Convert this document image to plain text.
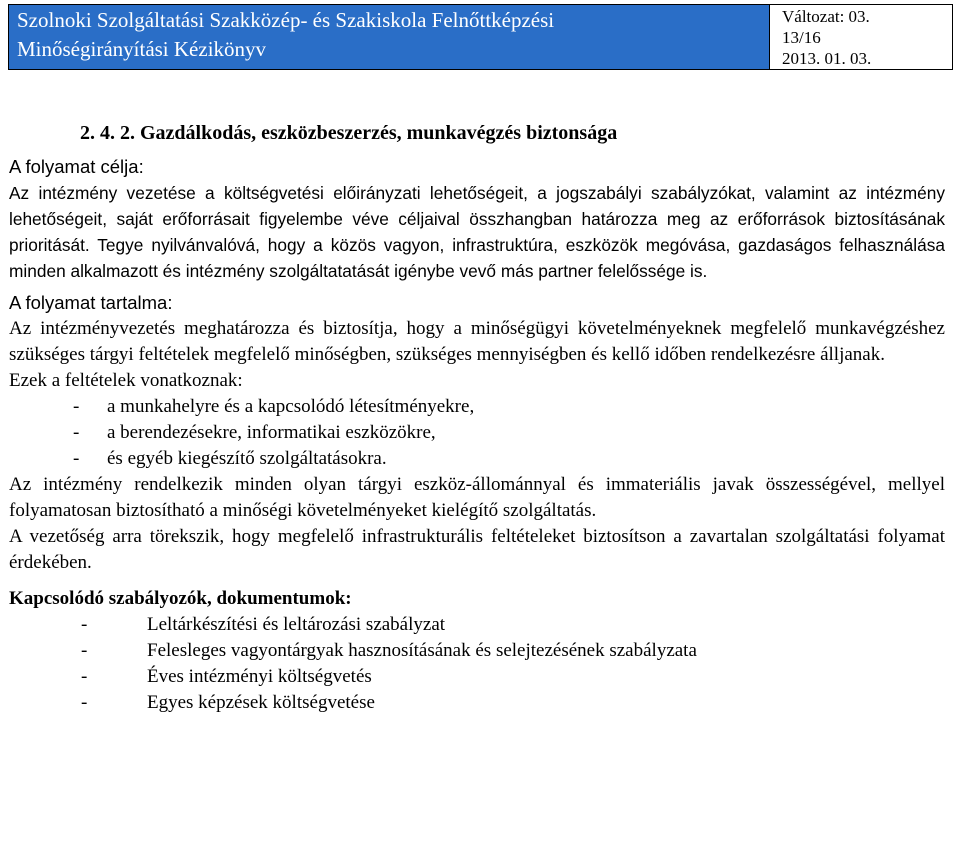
Szolnoki Szolgáltatási Szakközép- és Szakiskola Felnőttképzési
Minőségirányítási Kézikönyv
Változat: 03.
13/16
2013. 01. 03.
2. 4. 2. Gazdálkodás, eszközbeszerzés, munkavégzés biztonsága
A folyamat célja:

Az intézmény vezetése a költségvetési előirányzati lehetőségeit, a jogszabályi szabályzókat, valamint az intézmény lehetőségeit, saját erőforrásait figyelembe véve céljaival összhangban határozza meg az erőforrások biztosításának prioritását. Tegye nyilvánvalóvá, hogy a közös vagyon, infrastruktúra, eszközök megóvása, gazdaságos felhasználása minden alkalmazott és intézmény szolgáltatatását igénybe vevő más partner felelőssége is.

A folyamat tartalma:

Az intézményvezetés meghatározza és biztosítja, hogy a minőségügyi követelményeknek megfelelő munkavégzéshez szükséges tárgyi feltételek megfelelő minőségben, szükséges mennyiségben és kellő időben rendelkezésre álljanak.

Ezek a feltételek vonatkoznak:

- a munkahelyre és a kapcsolódó létesítményekre,
- a berendezésekre, informatikai eszközökre,
- és egyéb kiegészítő szolgáltatásokra.

Az intézmény rendelkezik minden olyan tárgyi eszköz-állománnyal és immateriális javak összességével, mellyel folyamatosan biztosítható a minőségi követelményeket kielégítő szolgáltatás.

A vezetőség arra törekszik, hogy megfelelő infrastrukturális feltételeket biztosítson a zavartalan szolgáltatási folyamat érdekében.

Kapcsolódó szabályozók, dokumentumok:
-	Leltárkészítési és leltározási szabályzat
-	Felesleges vagyontárgyak hasznosításának és selejtezésének szabályzata
-	Éves intézményi költségvetés
-	Egyes képzések költségvetése
